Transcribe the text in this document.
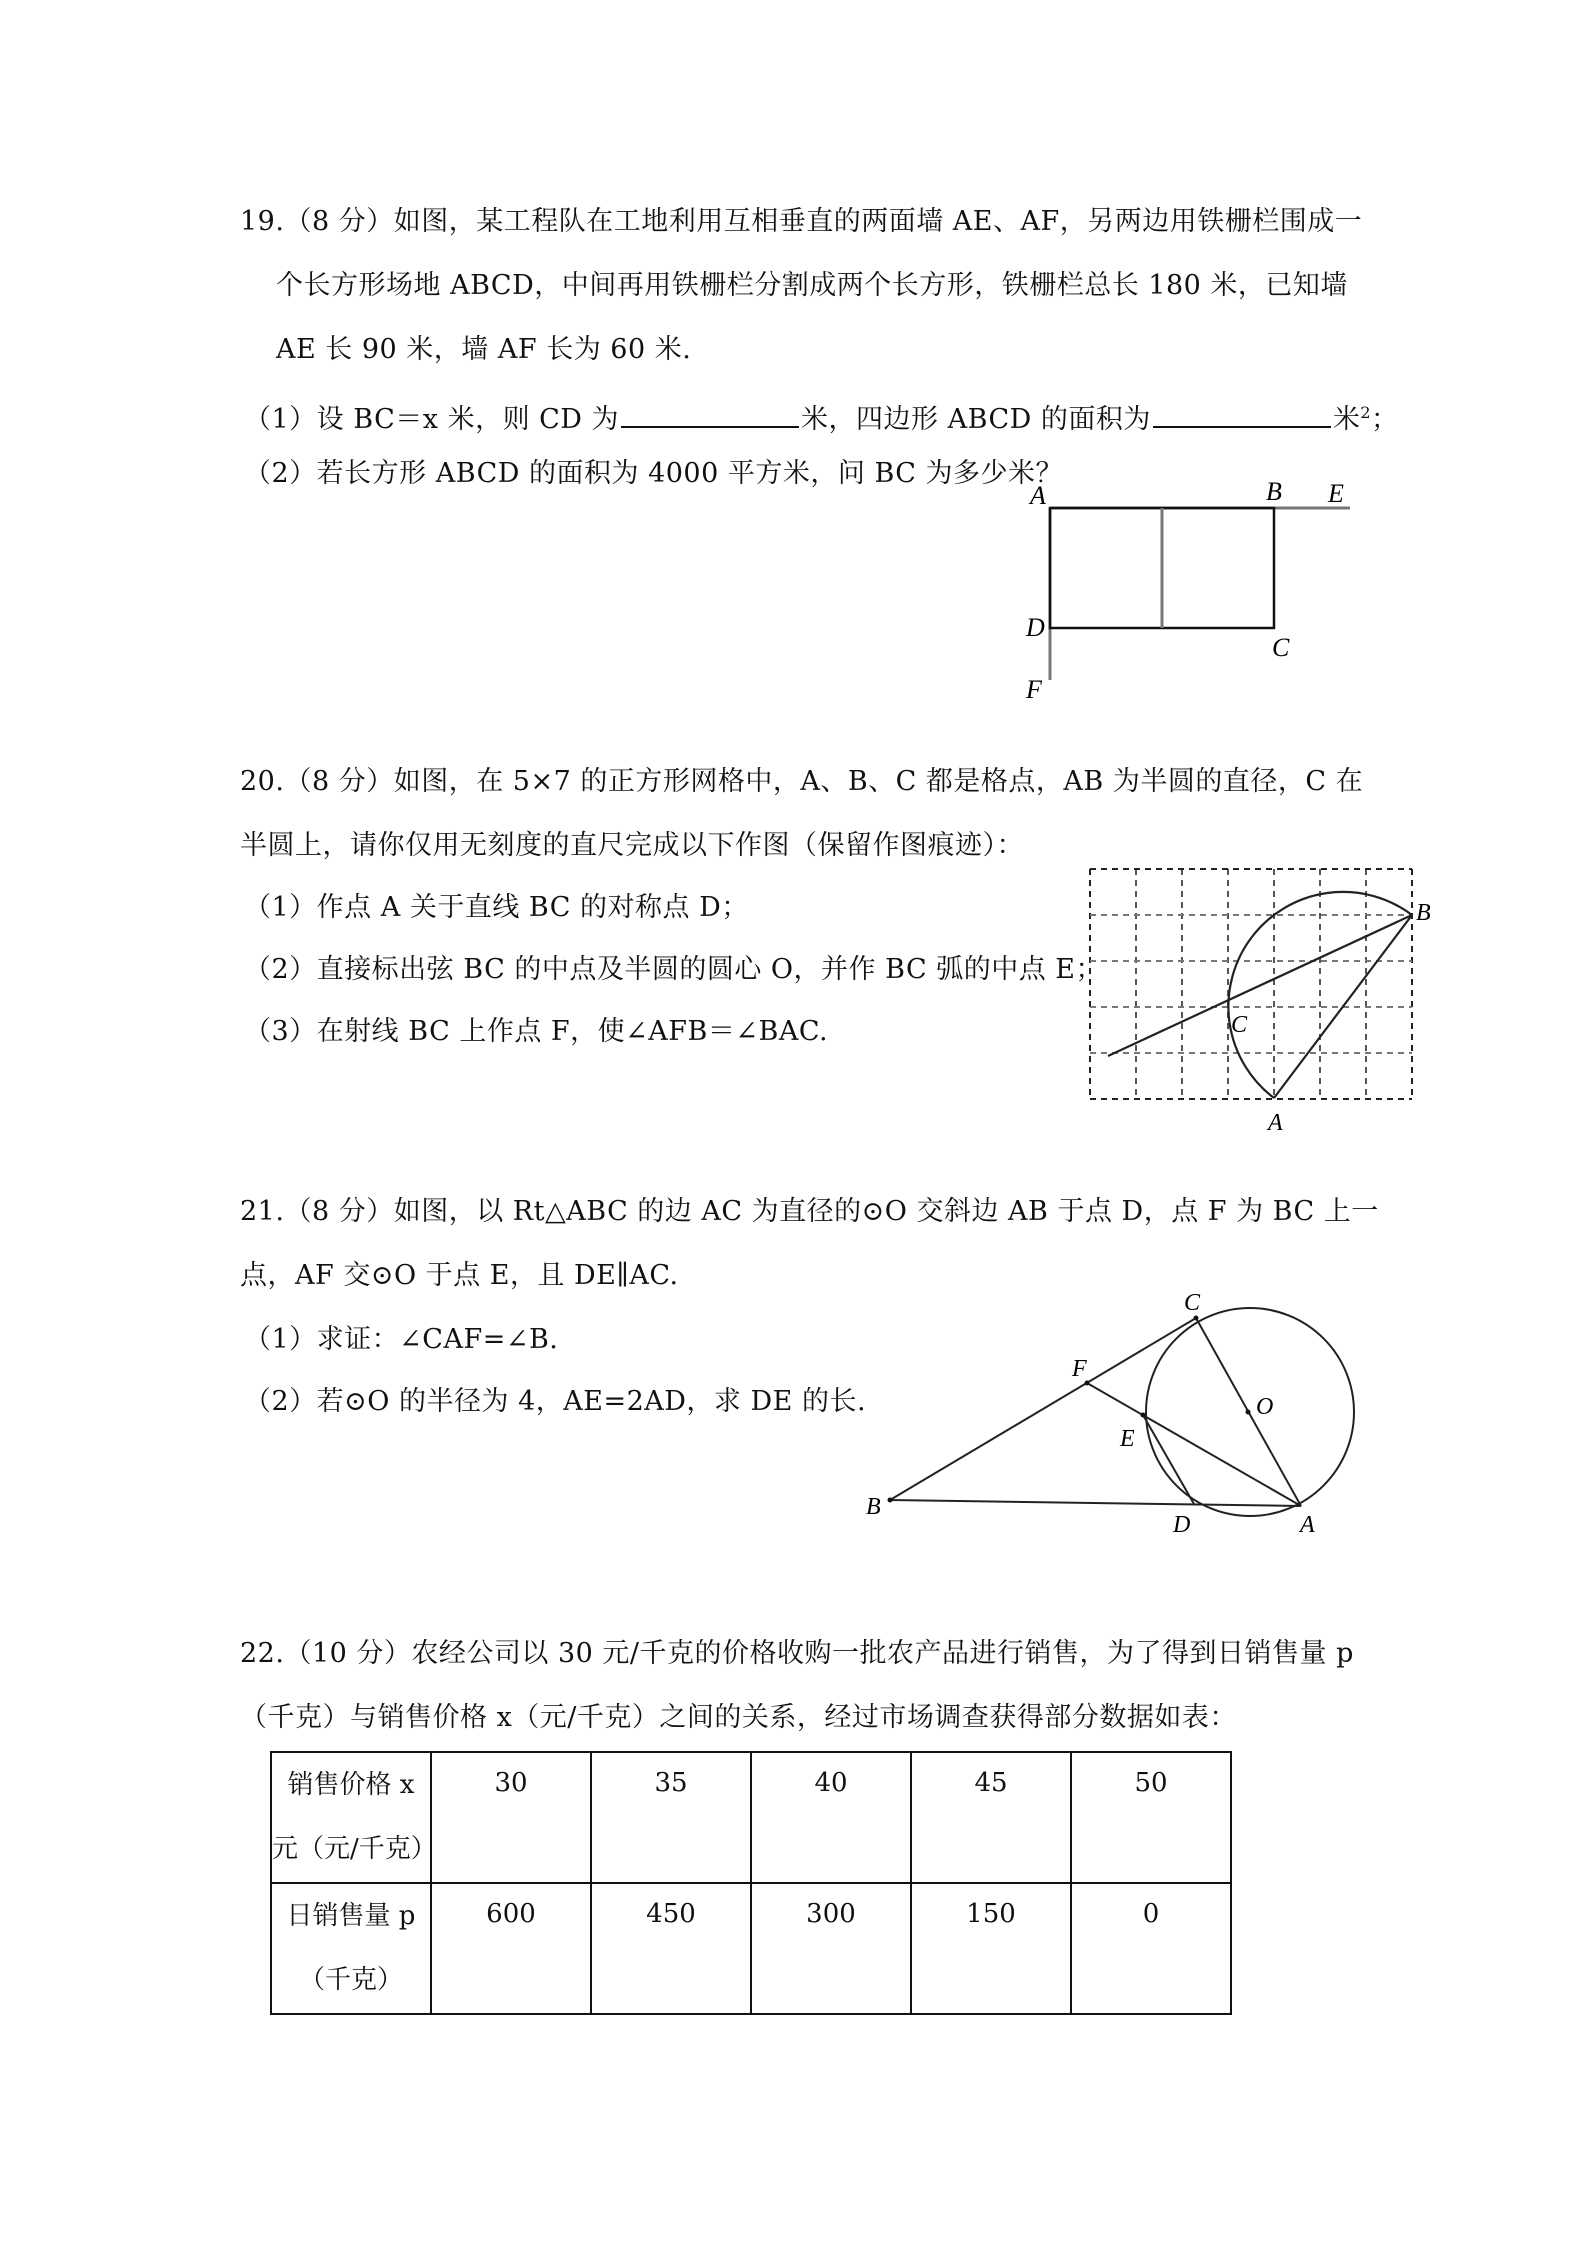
19.（8 分）如图，某工程队在工地利用互相垂直的两面墙 AE、AF，另两边用铁栅栏围成一
个长方形场地 ABCD，中间再用铁栅栏分割成两个长方形，铁栅栏总长 180 米，已知墙
AE 长 90 米，墙 AF 长为 60 米.
（1）设 BC＝x 米，则 CD 为	米，四边形 ABCD 的面积为	米$^2$；
（2）若长方形 ABCD 的面积为 4000 平方米，问 BC 为多少米？
A	B E
D
C
F
20.（8 分）如图，在 5×7 的正方形网格中，A、B、C 都是格点，AB 为半圆的直径，C 在
半圆上，请你仅用无刻度的直尺完成以下作图（保留作图痕迹）：
（1）作点 A 关于直线 BC 的对称点 D；
（2）直接标出弦 BC 的中点及半圆的圆心 O，并作 BC 弧的中点 E；
（3）在射线 BC 上作点 F，使∠AFB＝∠BAC.
A
B
C
21.（8 分）如图，以 Rt△ABC 的边 AC 为直径的⊙O 交斜边 AB 于点 D，点 F 为 BC 上一
点，AF 交⊙O 于点 E，且 DE∥AC.
（1）求证：∠CAF=∠B.
（2）若⊙O 的半径为 4，AE=2AD，求 DE 的长.
B
F
C
O
E
D	A
22.（10 分）农经公司以 30 元/千克的价格收购一批农产品进行销售，为了得到日销售量 p
（千克）与销售价格 x（元/千克）之间的关系，经过市场调查获得部分数据如表：
销售价格 x
元（元/千克）	30	35	40	45	50

日销售量 p
（千克）	600	450	300	150	0
